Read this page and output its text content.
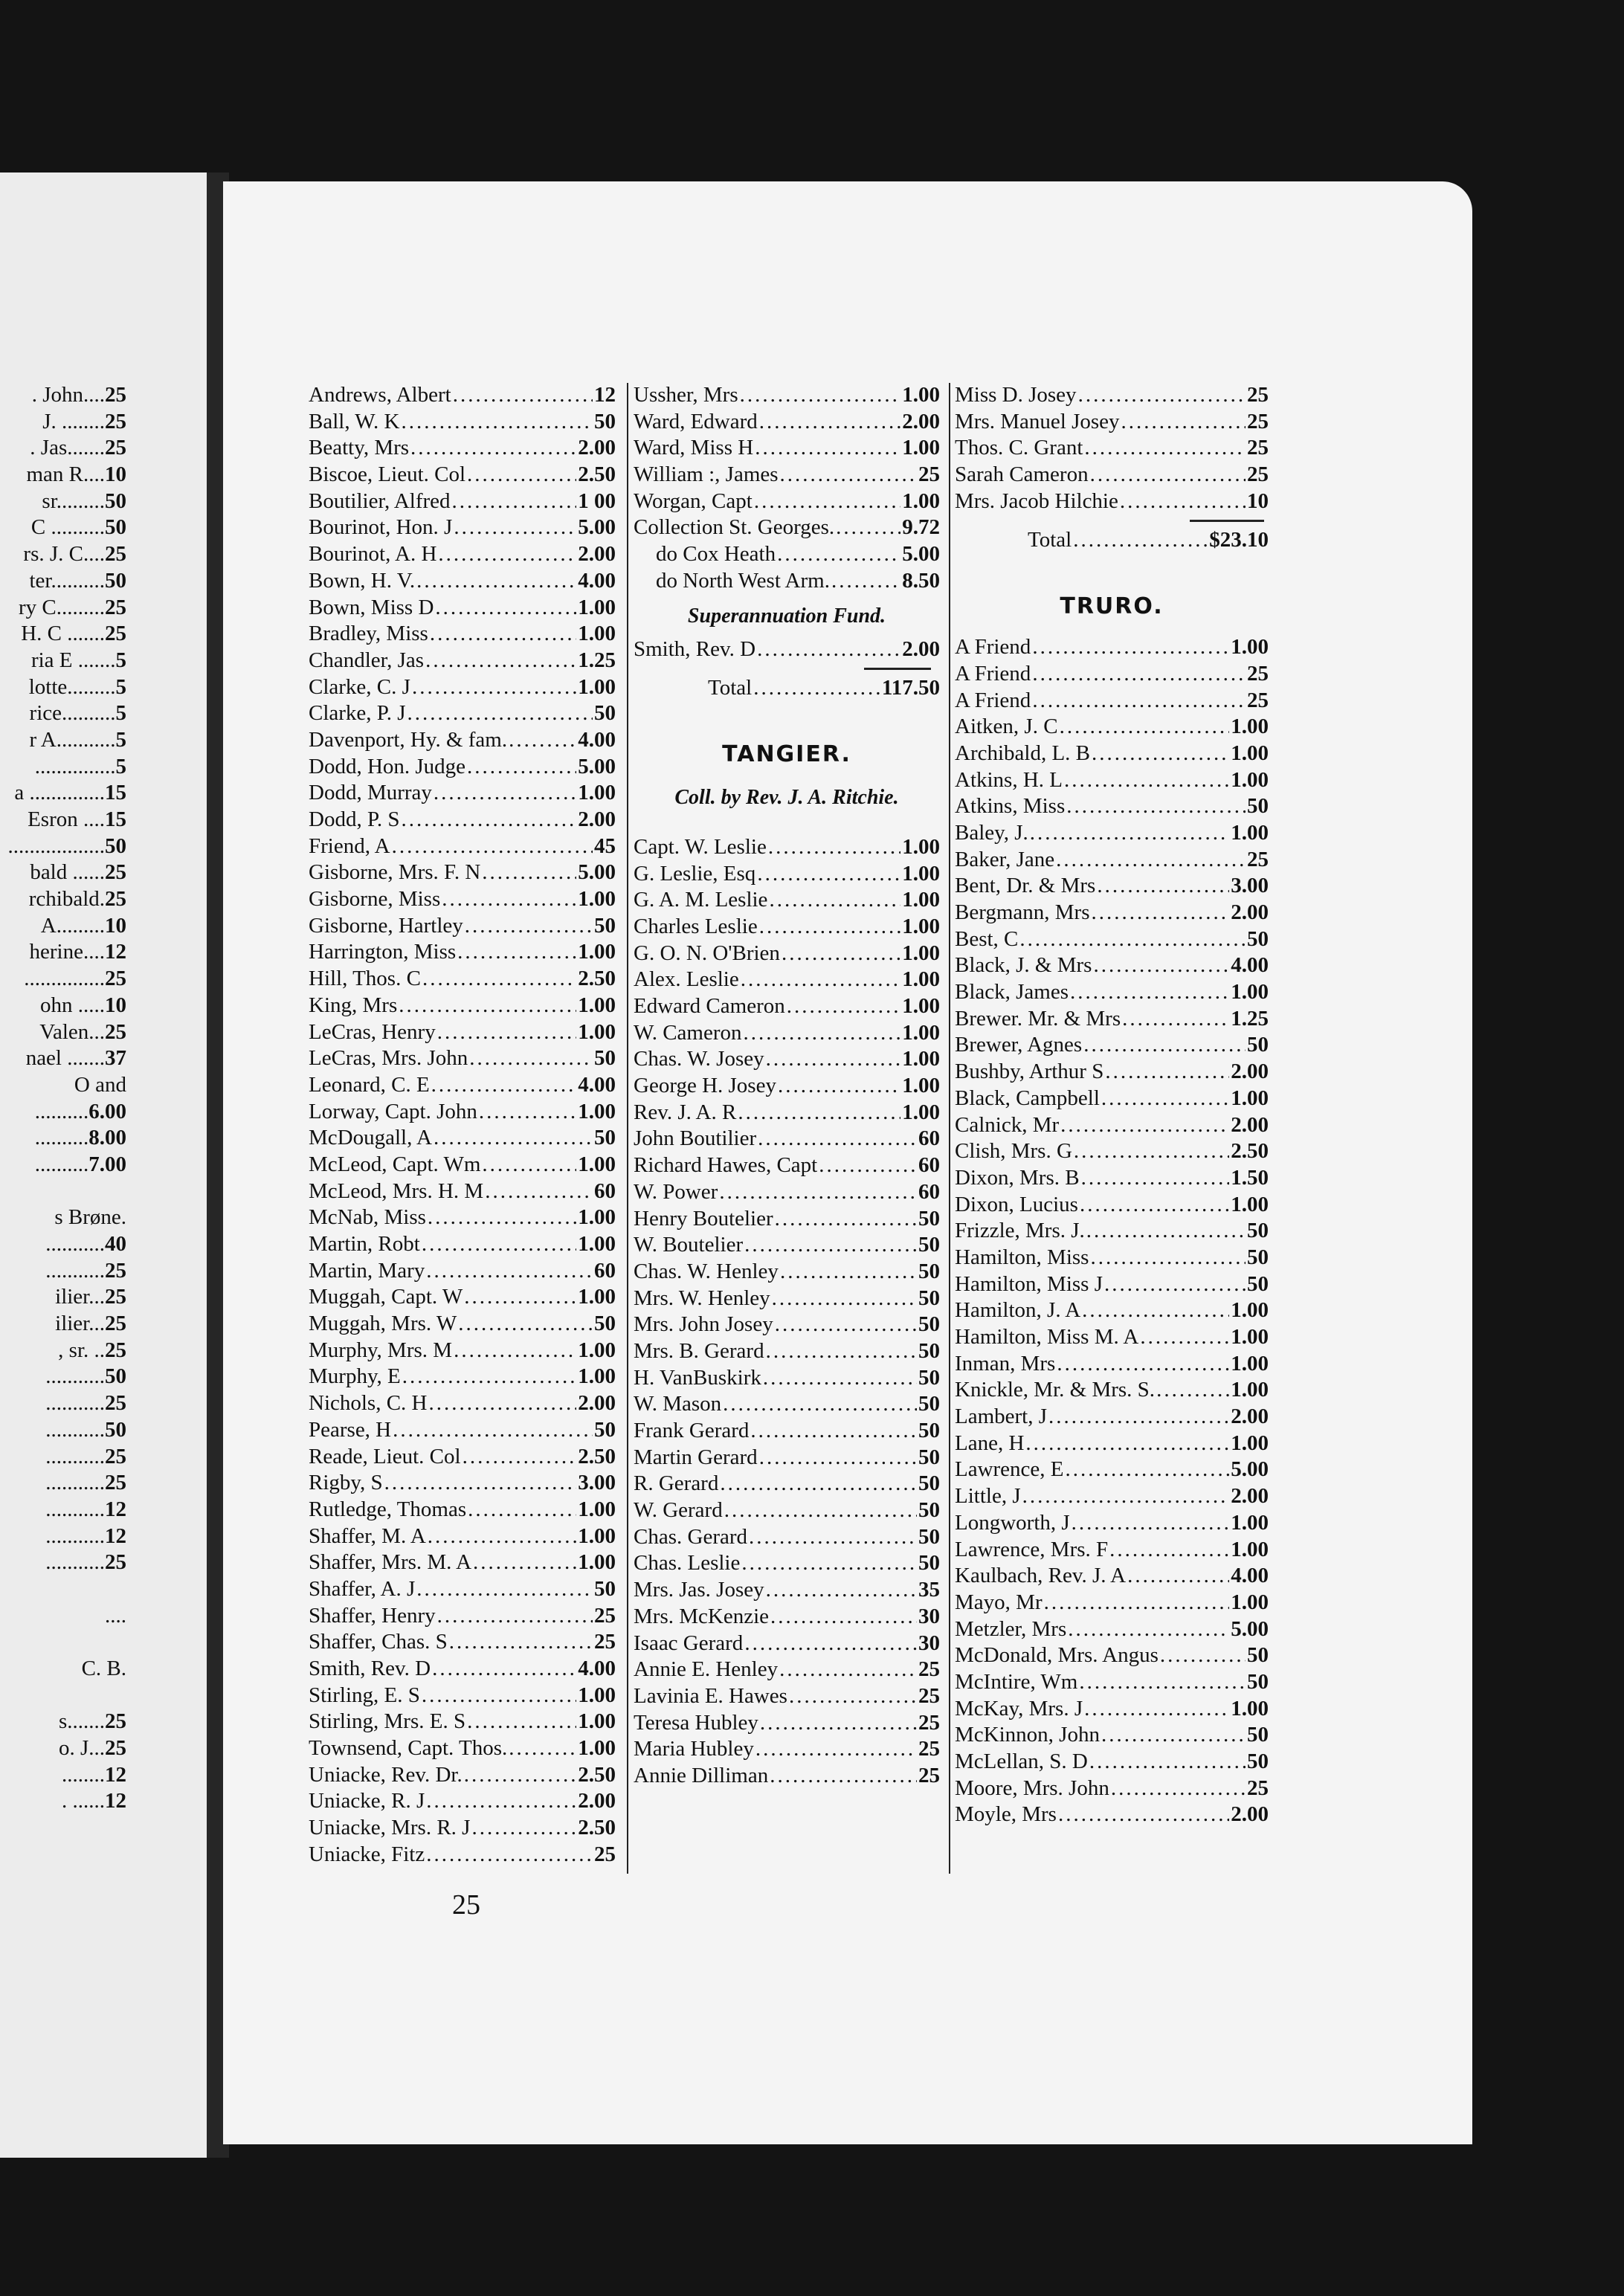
. John....25
J. ........25
. Jas.......25
man R....10
sr.........50
C ..........50
rs. J. C....25
ter..........50
ry C.........25
H. C .......25
ria E .......5
lotte.........5
rice..........5
r A...........5
...............5
a ..............15
Esron ....15
..................50
bald ......25
rchibald.25
A.........10
herine....12
...............25
ohn .....10
Valen...25
nael .......37
O and
..........6.00
..........8.00
..........7.00
s Brøne.
...........40
...........25
ilier...25
ilier...25
, sr. ..25
...........50
...........25
...........50
...........25
...........25
...........12
...........12
...........25
....
C. B.
s.......25
o. J...25
........12
. ......12
Andrews, Albert .....	12
Ball, W. K .....	50
Beatty, Mrs .....	2.00
Biscoe, Lieut. Col .....	2.50
Boutilier, Alfred .....	1 00
Bourinot, Hon. J .....	5.00
Bourinot, A. H .....	2.00
Bown, H. V. .....	4.00
Bown, Miss D .....	1.00
Bradley, Miss .....	1.00
Chandler, Jas .....	1.25
Clarke, C. J .....	1.00
Clarke, P. J .....	50
Davenport, Hy. & fam. .....	4.00
Dodd, Hon. Judge .....	5.00
Dodd, Murray .....	1.00
Dodd, P. S .....	2.00
Friend, A .....	45
Gisborne, Mrs. F. N .....	5.00
Gisborne, Miss .....	1.00
Gisborne, Hartley .....	50
Harrington, Miss .....	1.00
Hill, Thos. C .....	2.50
King, Mrs .....	1.00
LeCras, Henry .....	1.00
LeCras, Mrs. John .....	50
Leonard, C. E .....	4.00
Lorway, Capt. John .....	1.00
McDougall, A .....	50
McLeod, Capt. Wm .....	1.00
McLeod, Mrs. H. M .....	60
McNab, Miss .....	1.00
Martin, Robt .....	1.00
Martin, Mary .....	60
Muggah, Capt. W .....	1.00
Muggah, Mrs. W .....	50
Murphy, Mrs. M .....	1.00
Murphy, E .....	1.00
Nichols, C. H .....	2.00
Pearse, H .....	50
Reade, Lieut. Col .....	2.50
Rigby, S .....	3.00
Rutledge, Thomas .....	1.00
Shaffer, M. A .....	1.00
Shaffer, Mrs. M. A .....	1.00
Shaffer, A. J .....	50
Shaffer, Henry .....	25
Shaffer, Chas. S .....	25
Smith, Rev. D .....	4.00
Stirling, E. S .....	1.00
Stirling, Mrs. E. S .....	1.00
Townsend, Capt. Thos. .....	1.00
Uniacke, Rev. Dr. .....	2.50
Uniacke, R. J .....	2.00
Uniacke, Mrs. R. J .....	2.50
Uniacke, Fitz .....	25
Ussher, Mrs .....	1.00
Ward, Edward .....	2.00
Ward, Miss H .....	1.00
William :, James .....	25
Worgan, Capt .....	1.00
Collection St. Georges. .....	9.72
do Cox Heath .....	5.00
do North West Arm. .....	8.50
Superannuation Fund.
Smith, Rev. D .....	2.00
Total .....	117.50
TANGIER.
Coll. by Rev. J. A. Ritchie.
Capt. W. Leslie .....	1.00
G. Leslie, Esq .....	1.00
G. A. M. Leslie .....	1.00
Charles Leslie .....	1.00
G. O. N. O'Brien .....	1.00
Alex. Leslie .....	1.00
Edward Cameron .....	1.00
W. Cameron .....	1.00
Chas. W. Josey .....	1.00
George H. Josey .....	1.00
Rev. J. A. R .....	1.00
John Boutilier .....	60
Richard Hawes, Capt .....	60
W. Power .....	60
Henry Boutelier .....	50
W. Boutelier .....	50
Chas. W. Henley .....	50
Mrs. W. Henley .....	50
Mrs. John Josey .....	50
Mrs. B. Gerard .....	50
H. VanBuskirk .....	50
W. Mason .....	50
Frank Gerard .....	50
Martin Gerard .....	50
R. Gerard .....	50
W. Gerard .....	50
Chas. Gerard .....	50
Chas. Leslie .....	50
Mrs. Jas. Josey .....	35
Mrs. McKenzie .....	30
Isaac Gerard .....	30
Annie E. Henley .....	25
Lavinia E. Hawes .....	25
Teresa Hubley .....	25
Maria Hubley .....	25
Annie Dilliman .....	25
Miss D. Josey .....	25
Mrs. Manuel Josey .....	25
Thos. C. Grant .....	25
Sarah Cameron .....	25
Mrs. Jacob Hilchie .....	10
Total .....	$23.10
TRURO.
A Friend .....	1.00
A Friend .....	25
A Friend .....	25
Aitken, J. C .....	1.00
Archibald, L. B .....	1.00
Atkins, H. L .....	1.00
Atkins, Miss .....	50
Baley, J. .....	1.00
Baker, Jane .....	25
Bent, Dr. & Mrs .....	3.00
Bergmann, Mrs .....	2.00
Best, C .....	50
Black, J. & Mrs .....	4.00
Black, James .....	1.00
Brewer. Mr. & Mrs .....	1.25
Brewer, Agnes .....	50
Bushby, Arthur S .....	2.00
Black, Campbell .....	1.00
Calnick, Mr .....	2.00
Clish, Mrs. G .....	2.50
Dixon, Mrs. B .....	1.50
Dixon, Lucius .....	1.00
Frizzle, Mrs. J. .....	50
Hamilton, Miss .....	50
Hamilton, Miss J .....	50
Hamilton, J. A .....	1.00
Hamilton, Miss M. A .....	1.00
Inman, Mrs .....	1.00
Knickle, Mr. & Mrs. S. .....	1.00
Lambert, J .....	2.00
Lane, H .....	1.00
Lawrence, E .....	5.00
Little, J .....	2.00
Longworth, J .....	1.00
Lawrence, Mrs. F .....	1.00
Kaulbach, Rev. J. A .....	4.00
Mayo, Mr .....	1.00
Metzler, Mrs .....	5.00
McDonald, Mrs. Angus .....	50
McIntire, Wm .....	50
McKay, Mrs. J .....	1.00
McKinnon, John .....	50
McLellan, S. D .....	50
Moore, Mrs. John .....	25
Moyle, Mrs .....	2.00
25
